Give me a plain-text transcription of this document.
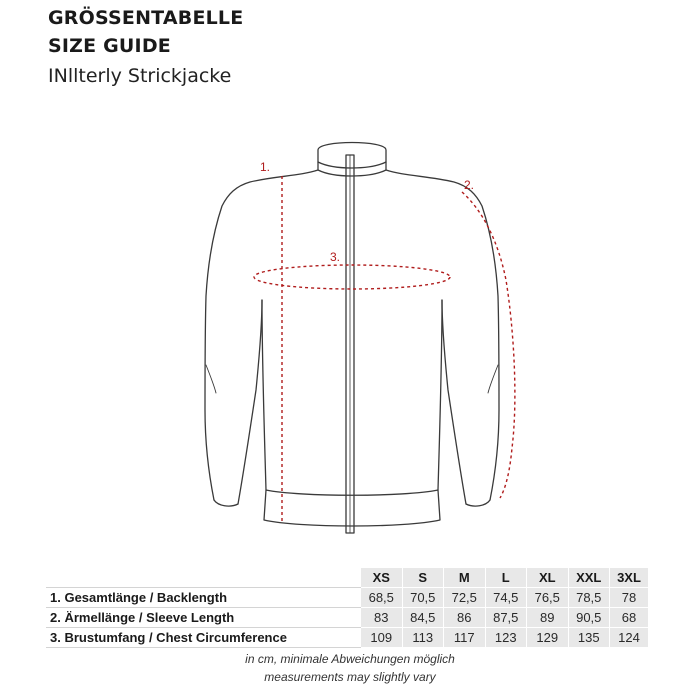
GRÖSSENTABELLE
SIZE GUIDE
INllterly Strickjacke
1.
2.
3.
	XS	S	M	L	XL	XXL	3XL
1. Gesamtlänge / Backlength	68,5	70,5	72,5	74,5	76,5	78,5	78
2. Ärmellänge / Sleeve Length	83	84,5	86	87,5	89	90,5	68
3. Brustumfang / Chest Circumference	109	113	117	123	129	135	124
in cm, minimale Abweichungen möglich
measurements may slightly vary
